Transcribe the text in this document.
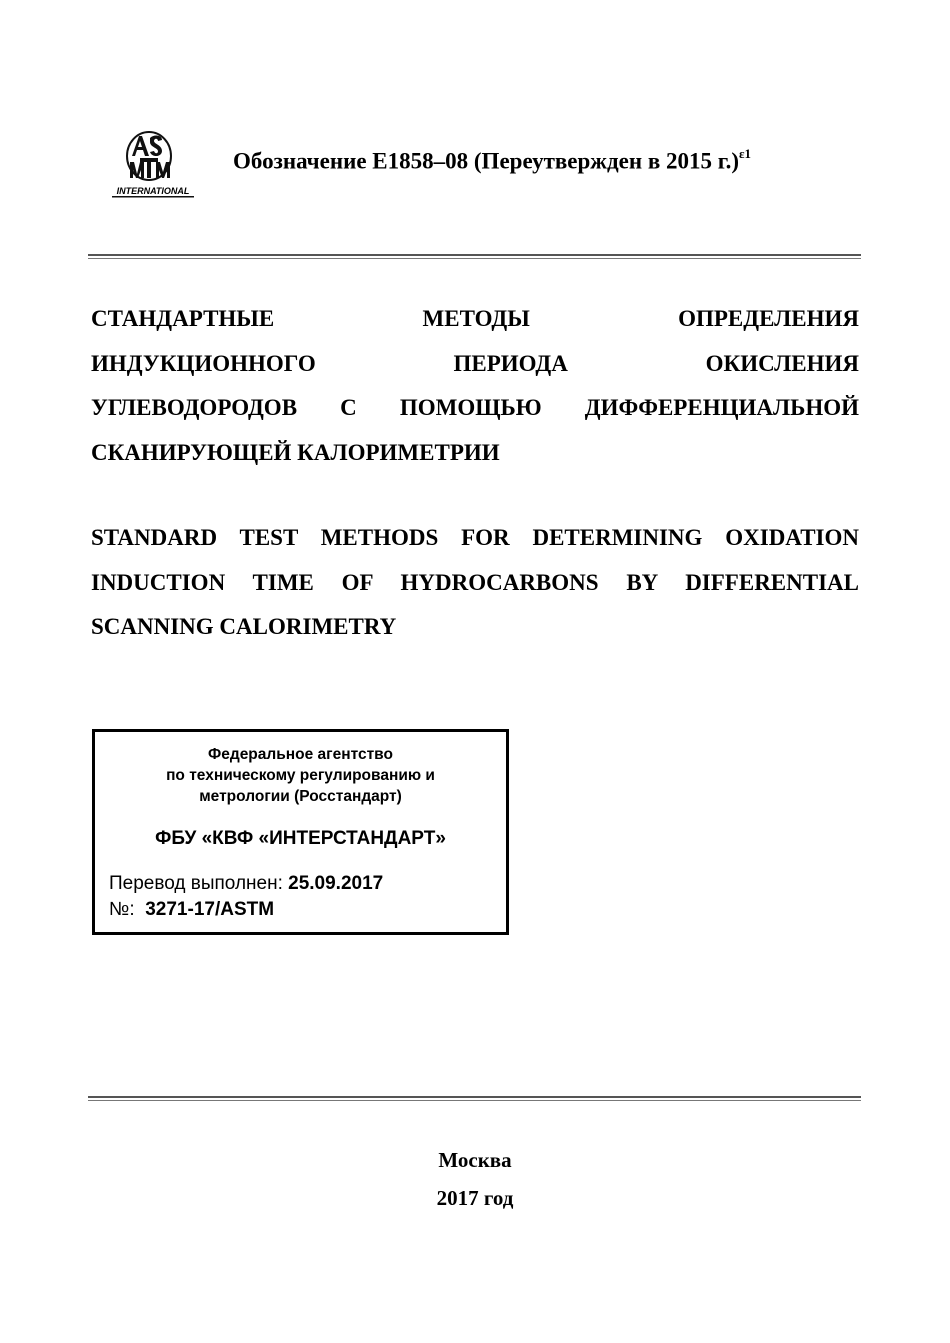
INTERNATIONAL
Обозначение E1858–08 (Переутвержден в 2015 г.)$^{\varepsilon 1}$
СТАНДАРТНЫЕ МЕТОДЫ ОПРЕДЕЛЕНИЯ
ИНДУКЦИОННОГО ПЕРИОДА ОКИСЛЕНИЯ
УГЛЕВОДОРОДОВ С ПОМОЩЬЮ ДИФФЕРЕНЦИАЛЬНОЙ
СКАНИРУЮЩЕЙ КАЛОРИМЕТРИИ
STANDARD TEST METHODS FOR DETERMINING OXIDATION
INDUCTION TIME OF HYDROCARBONS BY DIFFERENTIAL
SCANNING CALORIMETRY
Федеральное агентство
по техническому регулированию и
метрологии (Росстандарт)
ФБУ «КВФ «ИНТЕРСТАНДАРТ»
Перевод выполнен: 25.09.2017
№: 3271-17/ASTM
Москва
2017 год
